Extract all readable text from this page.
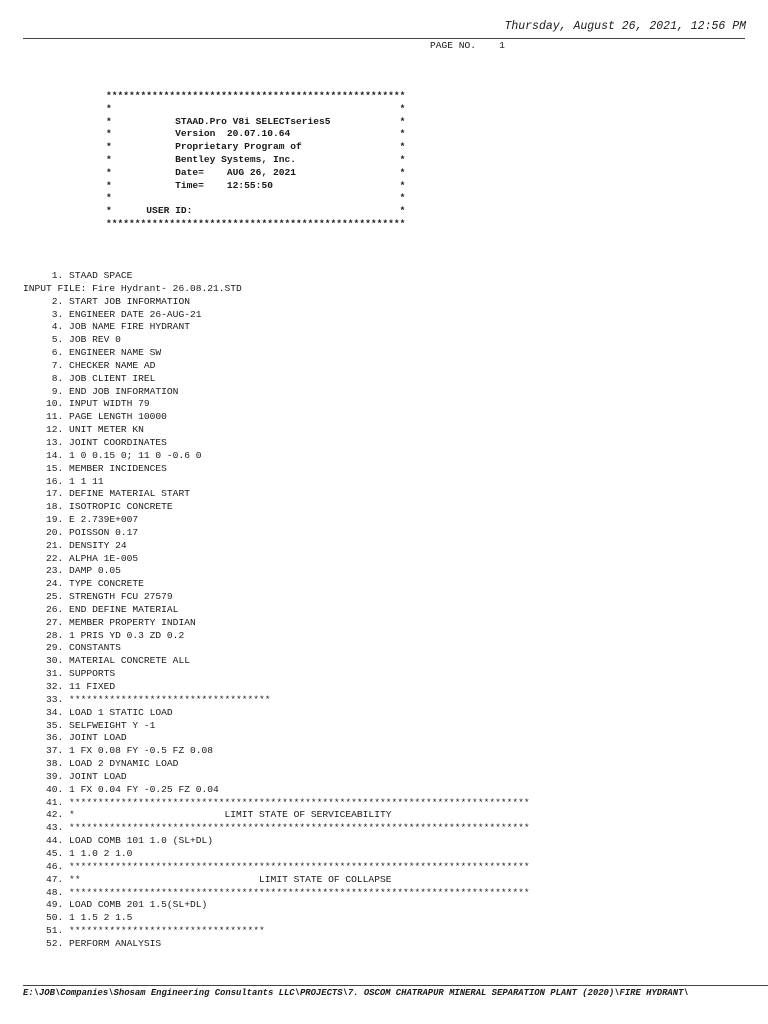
Thursday, August 26, 2021, 12:56 PM
PAGE NO. 1
****************************************************
*                                                  *
*           STAAD.Pro V8i SELECTseries5            *
*           Version  20.07.10.64                   *
*           Proprietary Program of                 *
*           Bentley Systems, Inc.                  *
*           Date=    AUG 26, 2021                  *
*           Time=    12:55:50                      *
*                                                  *
*      USER ID:                                    *
****************************************************
1. STAAD SPACE
INPUT FILE: Fire Hydrant- 26.08.21.STD
2. START JOB INFORMATION
3. ENGINEER DATE 26-AUG-21
4. JOB NAME FIRE HYDRANT
5. JOB REV 0
6. ENGINEER NAME SW
7. CHECKER NAME AD
8. JOB CLIENT IREL
9. END JOB INFORMATION
10. INPUT WIDTH 79
11. PAGE LENGTH 10000
12. UNIT METER KN
13. JOINT COORDINATES
14. 1 0 0.15 0; 11 0 -0.6 0
15. MEMBER INCIDENCES
16. 1 1 11
17. DEFINE MATERIAL START
18. ISOTROPIC CONCRETE
19. E 2.739E+007
20. POISSON 0.17
21. DENSITY 24
22. ALPHA 1E-005
23. DAMP 0.05
24. TYPE CONCRETE
25. STRENGTH FCU 27579
26. END DEFINE MATERIAL
27. MEMBER PROPERTY INDIAN
28. 1 PRIS YD 0.3 ZD 0.2
29. CONSTANTS
30. MATERIAL CONCRETE ALL
31. SUPPORTS
32. 11 FIXED
33. ***********************************
34. LOAD 1 STATIC LOAD
35. SELFWEIGHT Y -1
36. JOINT LOAD
37. 1 FX 0.08 FY -0.5 FZ 0.08
38. LOAD 2 DYNAMIC LOAD
39. JOINT LOAD
40. 1 FX 0.04 FY -0.25 FZ 0.04
41. ********************************************************************************
42. *                          LIMIT STATE OF SERVICEABILITY
43. ********************************************************************************
44. LOAD COMB 101 1.0 (SL+DL)
45. 1 1.0 2 1.0
46. ********************************************************************************
47. **                               LIMIT STATE OF COLLAPSE
48. ********************************************************************************
49. LOAD COMB 201 1.5(SL+DL)
50. 1 1.5 2 1.5
51. **********************************
52. PERFORM ANALYSIS
E:\JOB\Companies\Shosam Engineering Consultants LLC\PROJECTS\7. OSCOM CHATRAPUR MINERAL SEPARATION PLANT (2020)\FIRE HYDRANT\
